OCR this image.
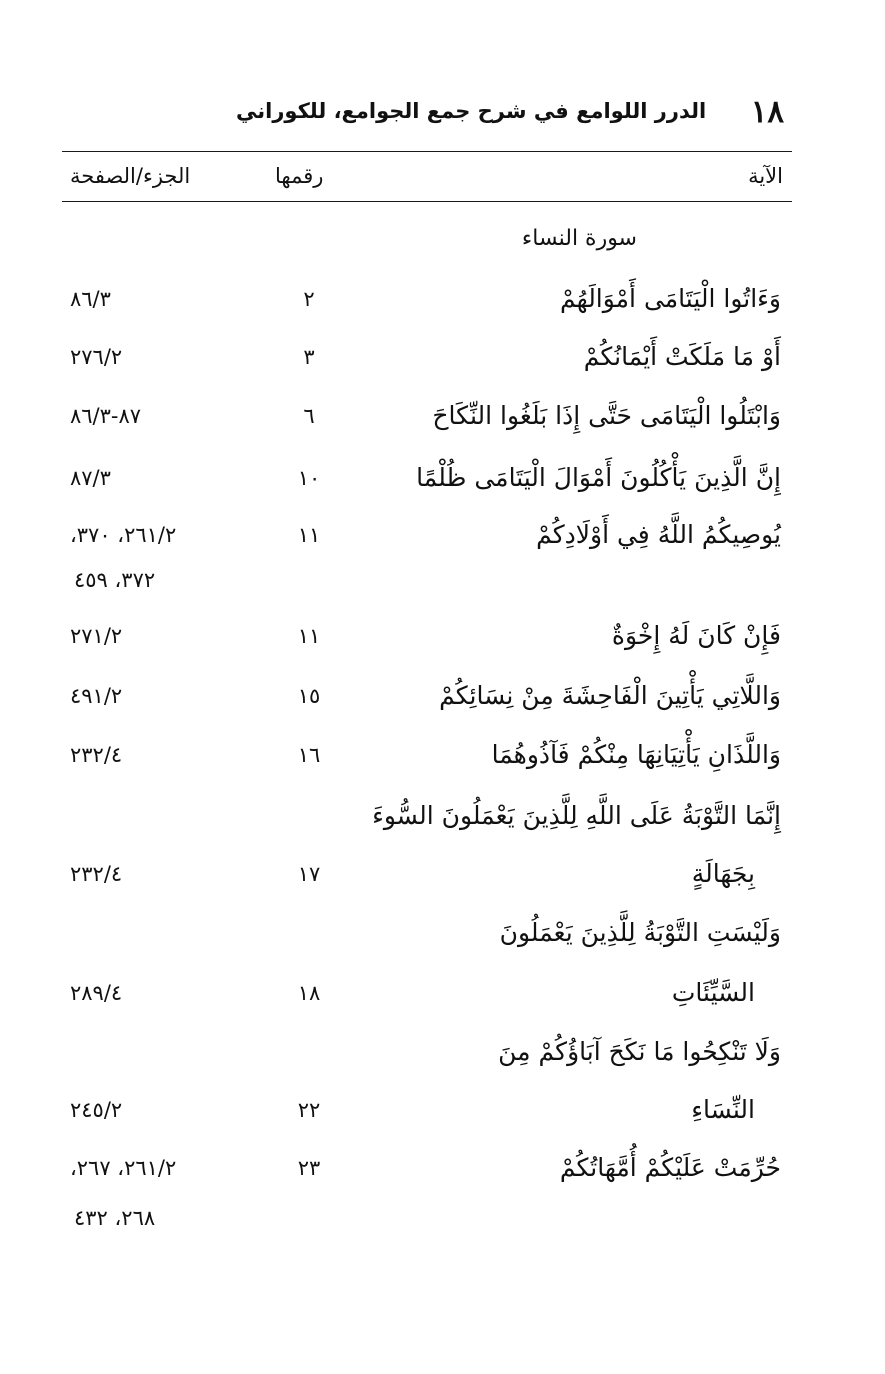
١٨
الدرر اللوامع في شرح جمع الجوامع، للكوراني
الآية
رقمها
الجزء/الصفحة
سورة النساء
وَءَاتُوا الْيَتَامَى أَمْوَالَهُمْ
٢
٨٦/٣
أَوْ مَا مَلَكَتْ أَيْمَانُكُمْ
٣
٢٧٦/٢
وَابْتَلُوا الْيَتَامَى حَتَّى إِذَا بَلَغُوا النِّكَاحَ
٦
٨٧-٨٦/٣
إِنَّ الَّذِينَ يَأْكُلُونَ أَمْوَالَ الْيَتَامَى ظُلْمًا
١٠
٨٧/٣
يُوصِيكُمُ اللَّهُ فِي أَوْلَادِكُمْ
١١
٢٦١/٢، ٣٧٠،
٣٧٢، ٤٥٩
فَإِنْ كَانَ لَهُ إِخْوَةٌ
١١
٢٧١/٢
وَاللَّاتِي يَأْتِينَ الْفَاحِشَةَ مِنْ نِسَائِكُمْ
١٥
٤٩١/٢
وَاللَّذَانِ يَأْتِيَانِهَا مِنْكُمْ فَآذُوهُمَا
١٦
٢٣٢/٤
إِنَّمَا التَّوْبَةُ عَلَى اللَّهِ لِلَّذِينَ يَعْمَلُونَ السُّوءَ
بِجَهَالَةٍ
١٧
٢٣٢/٤
وَلَيْسَتِ التَّوْبَةُ لِلَّذِينَ يَعْمَلُونَ
السَّيِّئَاتِ
١٨
٢٨٩/٤
وَلَا تَنْكِحُوا مَا نَكَحَ آبَاؤُكُمْ مِنَ
النِّسَاءِ
٢٢
٢٤٥/٢
حُرِّمَتْ عَلَيْكُمْ أُمَّهَاتُكُمْ
٢٣
٢٦١/٢، ٢٦٧،
٢٦٨، ٤٣٢
